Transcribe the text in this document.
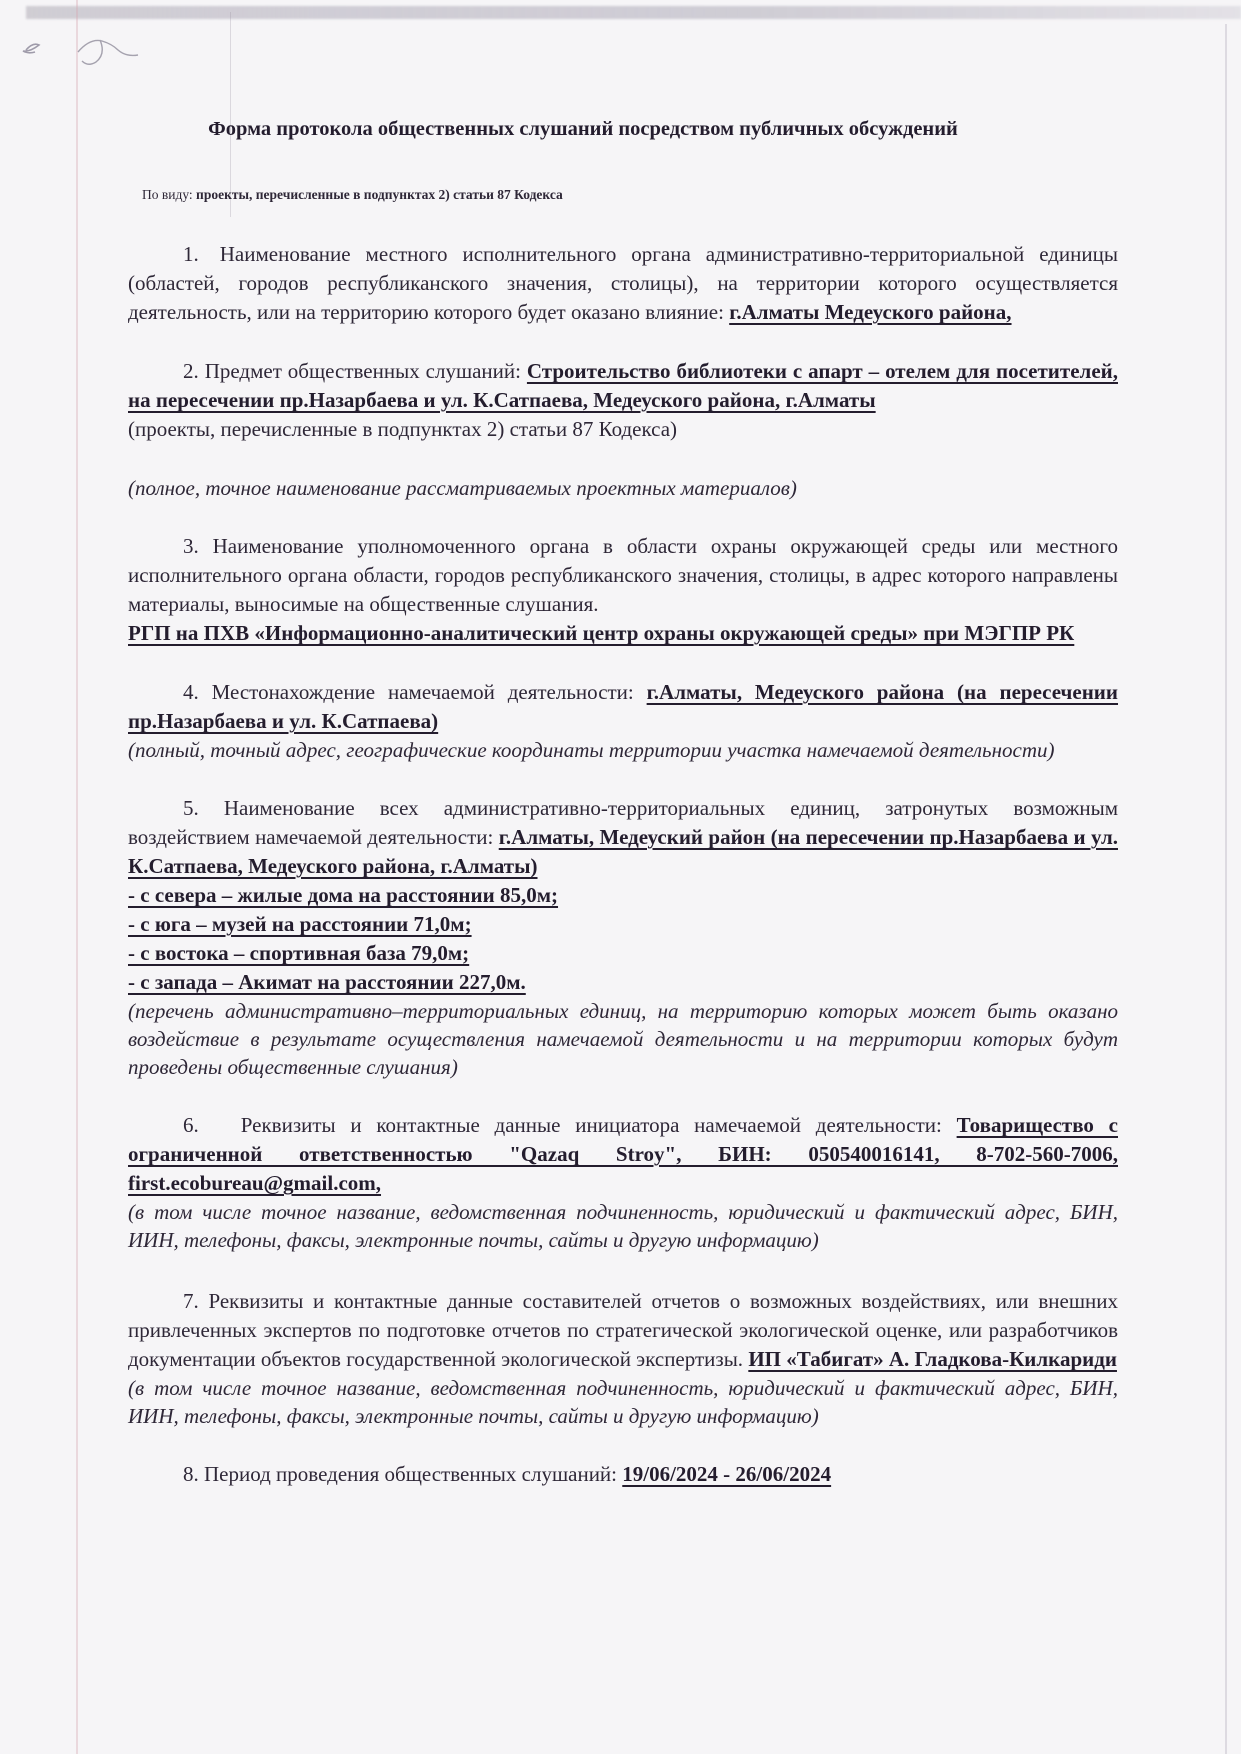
Форма протокола общественных слушаний посредством публичных обсуждений

По виду: проекты, перечисленные в подпунктах 2) статьи 87 Кодекса

1. Наименование местного исполнительного органа административно-территориальной единицы (областей, городов республиканского значения, столицы), на территории которого осуществляется деятельность, или на территорию которого будет оказано влияние: г.Алматы Медеуского района,

2. Предмет общественных слушаний: Строительство библиотеки с апарт – отелем для посетителей, на пересечении пр.Назарбаева и ул. К.Сатпаева, Медеуского района, г.Алматы

(проекты, перечисленные в подпунктах 2) статьи 87 Кодекса)

(полное, точное наименование рассматриваемых проектных материалов)

3. Наименование уполномоченного органа в области охраны окружающей среды или местного исполнительного органа области, городов республиканского значения, столицы, в адрес которого направлены материалы, выносимые на общественные слушания.

РГП на ПХВ «Информационно-аналитический центр охраны окружающей среды» при МЭГПР РК

4. Местонахождение намечаемой деятельности: г.Алматы, Медеуского района (на пересечении пр.Назарбаева и ул. К.Сатпаева)

(полный, точный адрес, географические координаты территории участка намечаемой деятельности)

5. Наименование всех административно-территориальных единиц, затронутых возможным воздействием намечаемой деятельности: г.Алматы, Медеуский район (на пересечении пр.Назарбаева и ул. К.Сатпаева, Медеуского района, г.Алматы)

- с севера – жилые дома на расстоянии 85,0м;

- с юга – музей на расстоянии 71,0м;

- с востока – спортивная база 79,0м;

- с запада – Акимат на расстоянии 227,0м.

(перечень административно–территориальных единиц, на территорию которых может быть оказано воздействие в результате осуществления намечаемой деятельности и на территории которых будут проведены общественные слушания)

6.  Реквизиты и контактные данные инициатора намечаемой деятельности: Товарищество с ограниченной ответственностью "Qazaq Stroy", БИН: 050540016141, 8-702-560-7006, first.ecobureau@gmail.com,

(в том числе точное название, ведомственная подчиненность, юридический и фактический адрес, БИН, ИИН, телефоны, факсы, электронные почты, сайты и другую информацию)

7. Реквизиты и контактные данные составителей отчетов о возможных воздействиях, или внешних привлеченных экспертов по подготовке отчетов по стратегической экологической оценке, или разработчиков документации объектов государственной экологической экспертизы. ИП «Табигат» А. Гладкова-Килкариди

(в том числе точное название, ведомственная подчиненность, юридический и фактический адрес, БИН, ИИН, телефоны, факсы, электронные почты, сайты и другую информацию)

8. Период проведения общественных слушаний: 19/06/2024 - 26/06/2024
